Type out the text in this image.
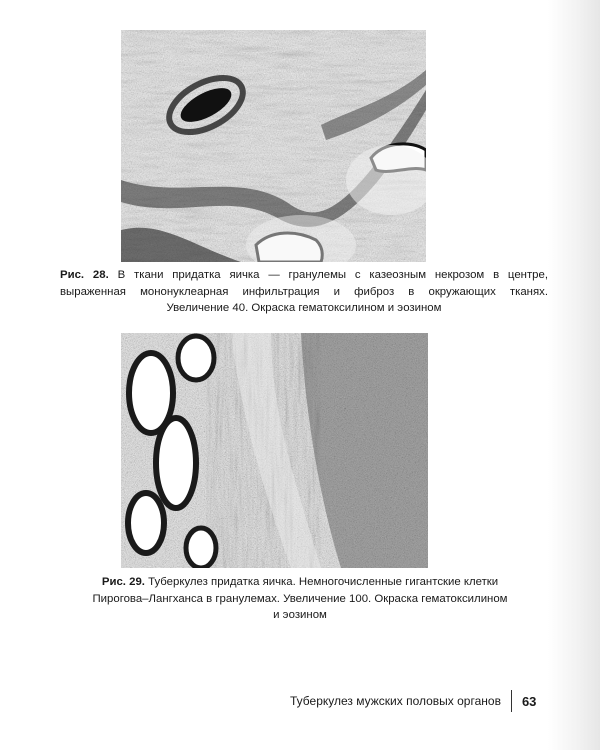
Рис. 28. В ткани придатка яичка — гранулемы с казеозным некрозом в центре,
выраженная мононуклеарная инфильтрация и фиброз в окружающих тканях.
Увеличение 40. Окраска гематоксилином и эозином
Рис. 29. Туберкулез придатка яичка. Немногочисленные гигантские клетки
Пирогова–Лангханса в гранулемах. Увеличение 100. Окраска гематоксилином
и эозином
Туберкулез мужских половых органов 63
